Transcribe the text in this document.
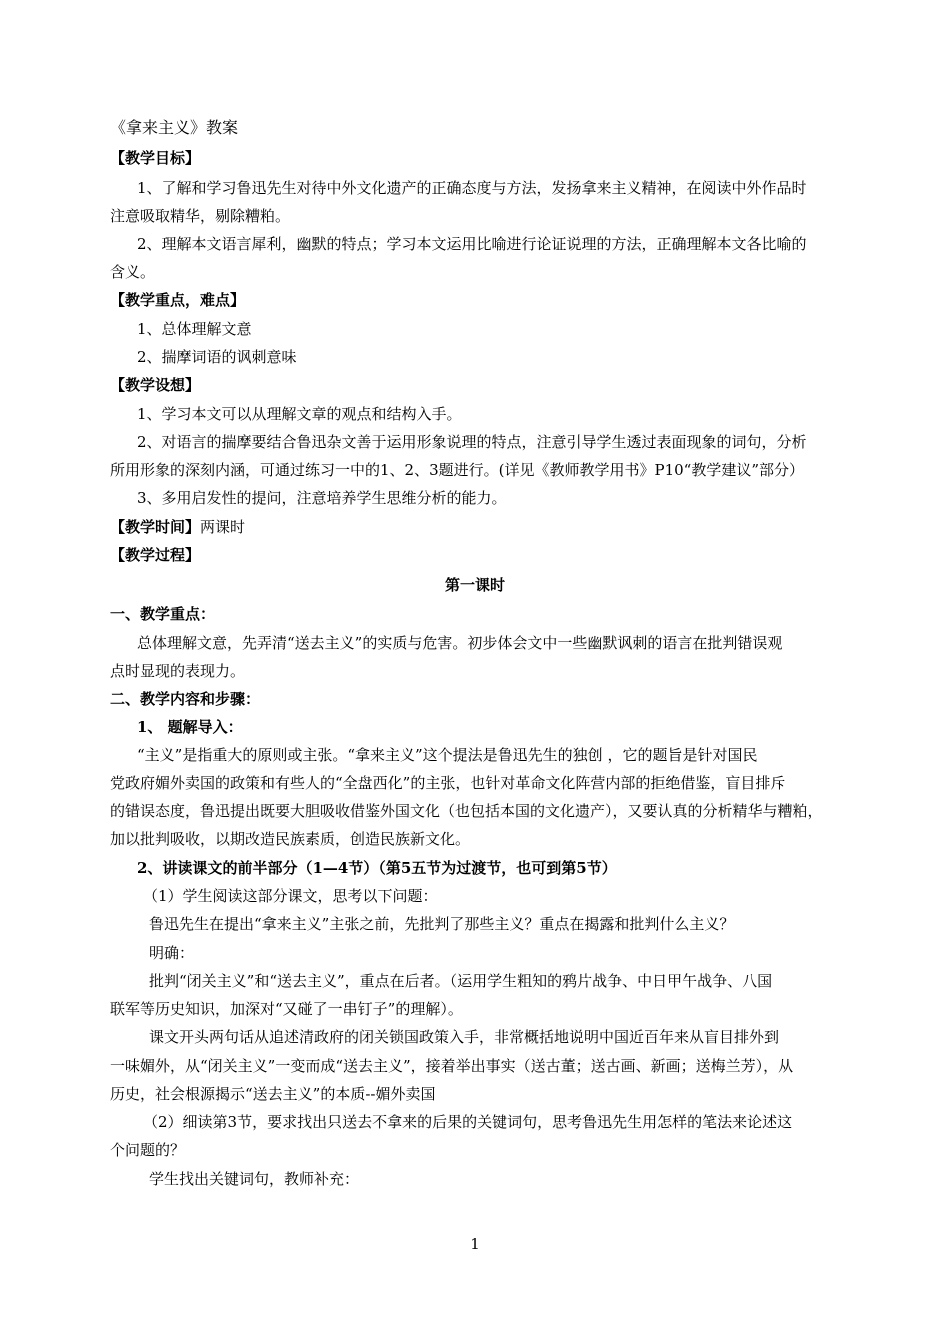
《拿来主义》教案
【教学目标】
1、了解和学习鲁迅先生对待中外文化遗产的正确态度与方法，发扬拿来主义精神，在阅读中外作品时
注意吸取精华，剔除糟粕。
2、理解本文语言犀利，幽默的特点；学习本文运用比喻进行论证说理的方法，正确理解本文各比喻的
含义。
【教学重点，难点】
1、总体理解文意
2、揣摩词语的讽刺意味
【教学设想】
1、学习本文可以从理解文章的观点和结构入手。
2、对语言的揣摩要结合鲁迅杂文善于运用形象说理的特点，注意引导学生透过表面现象的词句，分析
所用形象的深刻内涵，可通过练习一中的1、2、3题进行。(详见《教师教学用书》P10“教学建议”部分）
3、多用启发性的提问，注意培养学生思维分析的能力。
【教学时间】两课时
【教学过程】
第一课时
一、教学重点：
总体理解文意，先弄清“送去主义”的实质与危害。初步体会文中一些幽默讽刺的语言在批判错误观
点时显现的表现力。
二、教学内容和步骤：
1、 题解导入：
“主义”是指重大的原则或主张。“拿来主义”这个提法是鲁迅先生的独创 ，它的题旨是针对国民
党政府媚外卖国的政策和有些人的“全盘西化”的主张，也针对革命文化阵营内部的拒绝借鉴，盲目排斥
的错误态度，鲁迅提出既要大胆吸收借鉴外国文化（也包括本国的文化遗产），又要认真的分析精华与糟粕，
加以批判吸收，以期改造民族素质，创造民族新文化。
2、讲读课文的前半部分（1—4节）（第5五节为过渡节，也可到第5节）
（1）学生阅读这部分课文，思考以下问题：
鲁迅先生在提出“拿来主义”主张之前，先批判了那些主义？重点在揭露和批判什么主义？
明确：
批判“闭关主义”和“送去主义”，重点在后者。（运用学生粗知的鸦片战争、中日甲午战争、八国
联军等历史知识，加深对“又碰了一串钉子”的理解）。
课文开头两句话从追述清政府的闭关锁国政策入手，非常概括地说明中国近百年来从盲目排外到
一味媚外，从“闭关主义”一变而成“送去主义”，接着举出事实（送古董；送古画、新画；送梅兰芳），从
历史，社会根源揭示“送去主义”的本质--媚外卖国
（2）细读第3节，要求找出只送去不拿来的后果的关键词句，思考鲁迅先生用怎样的笔法来论述这
个问题的？
学生找出关键词句，教师补充：
1
